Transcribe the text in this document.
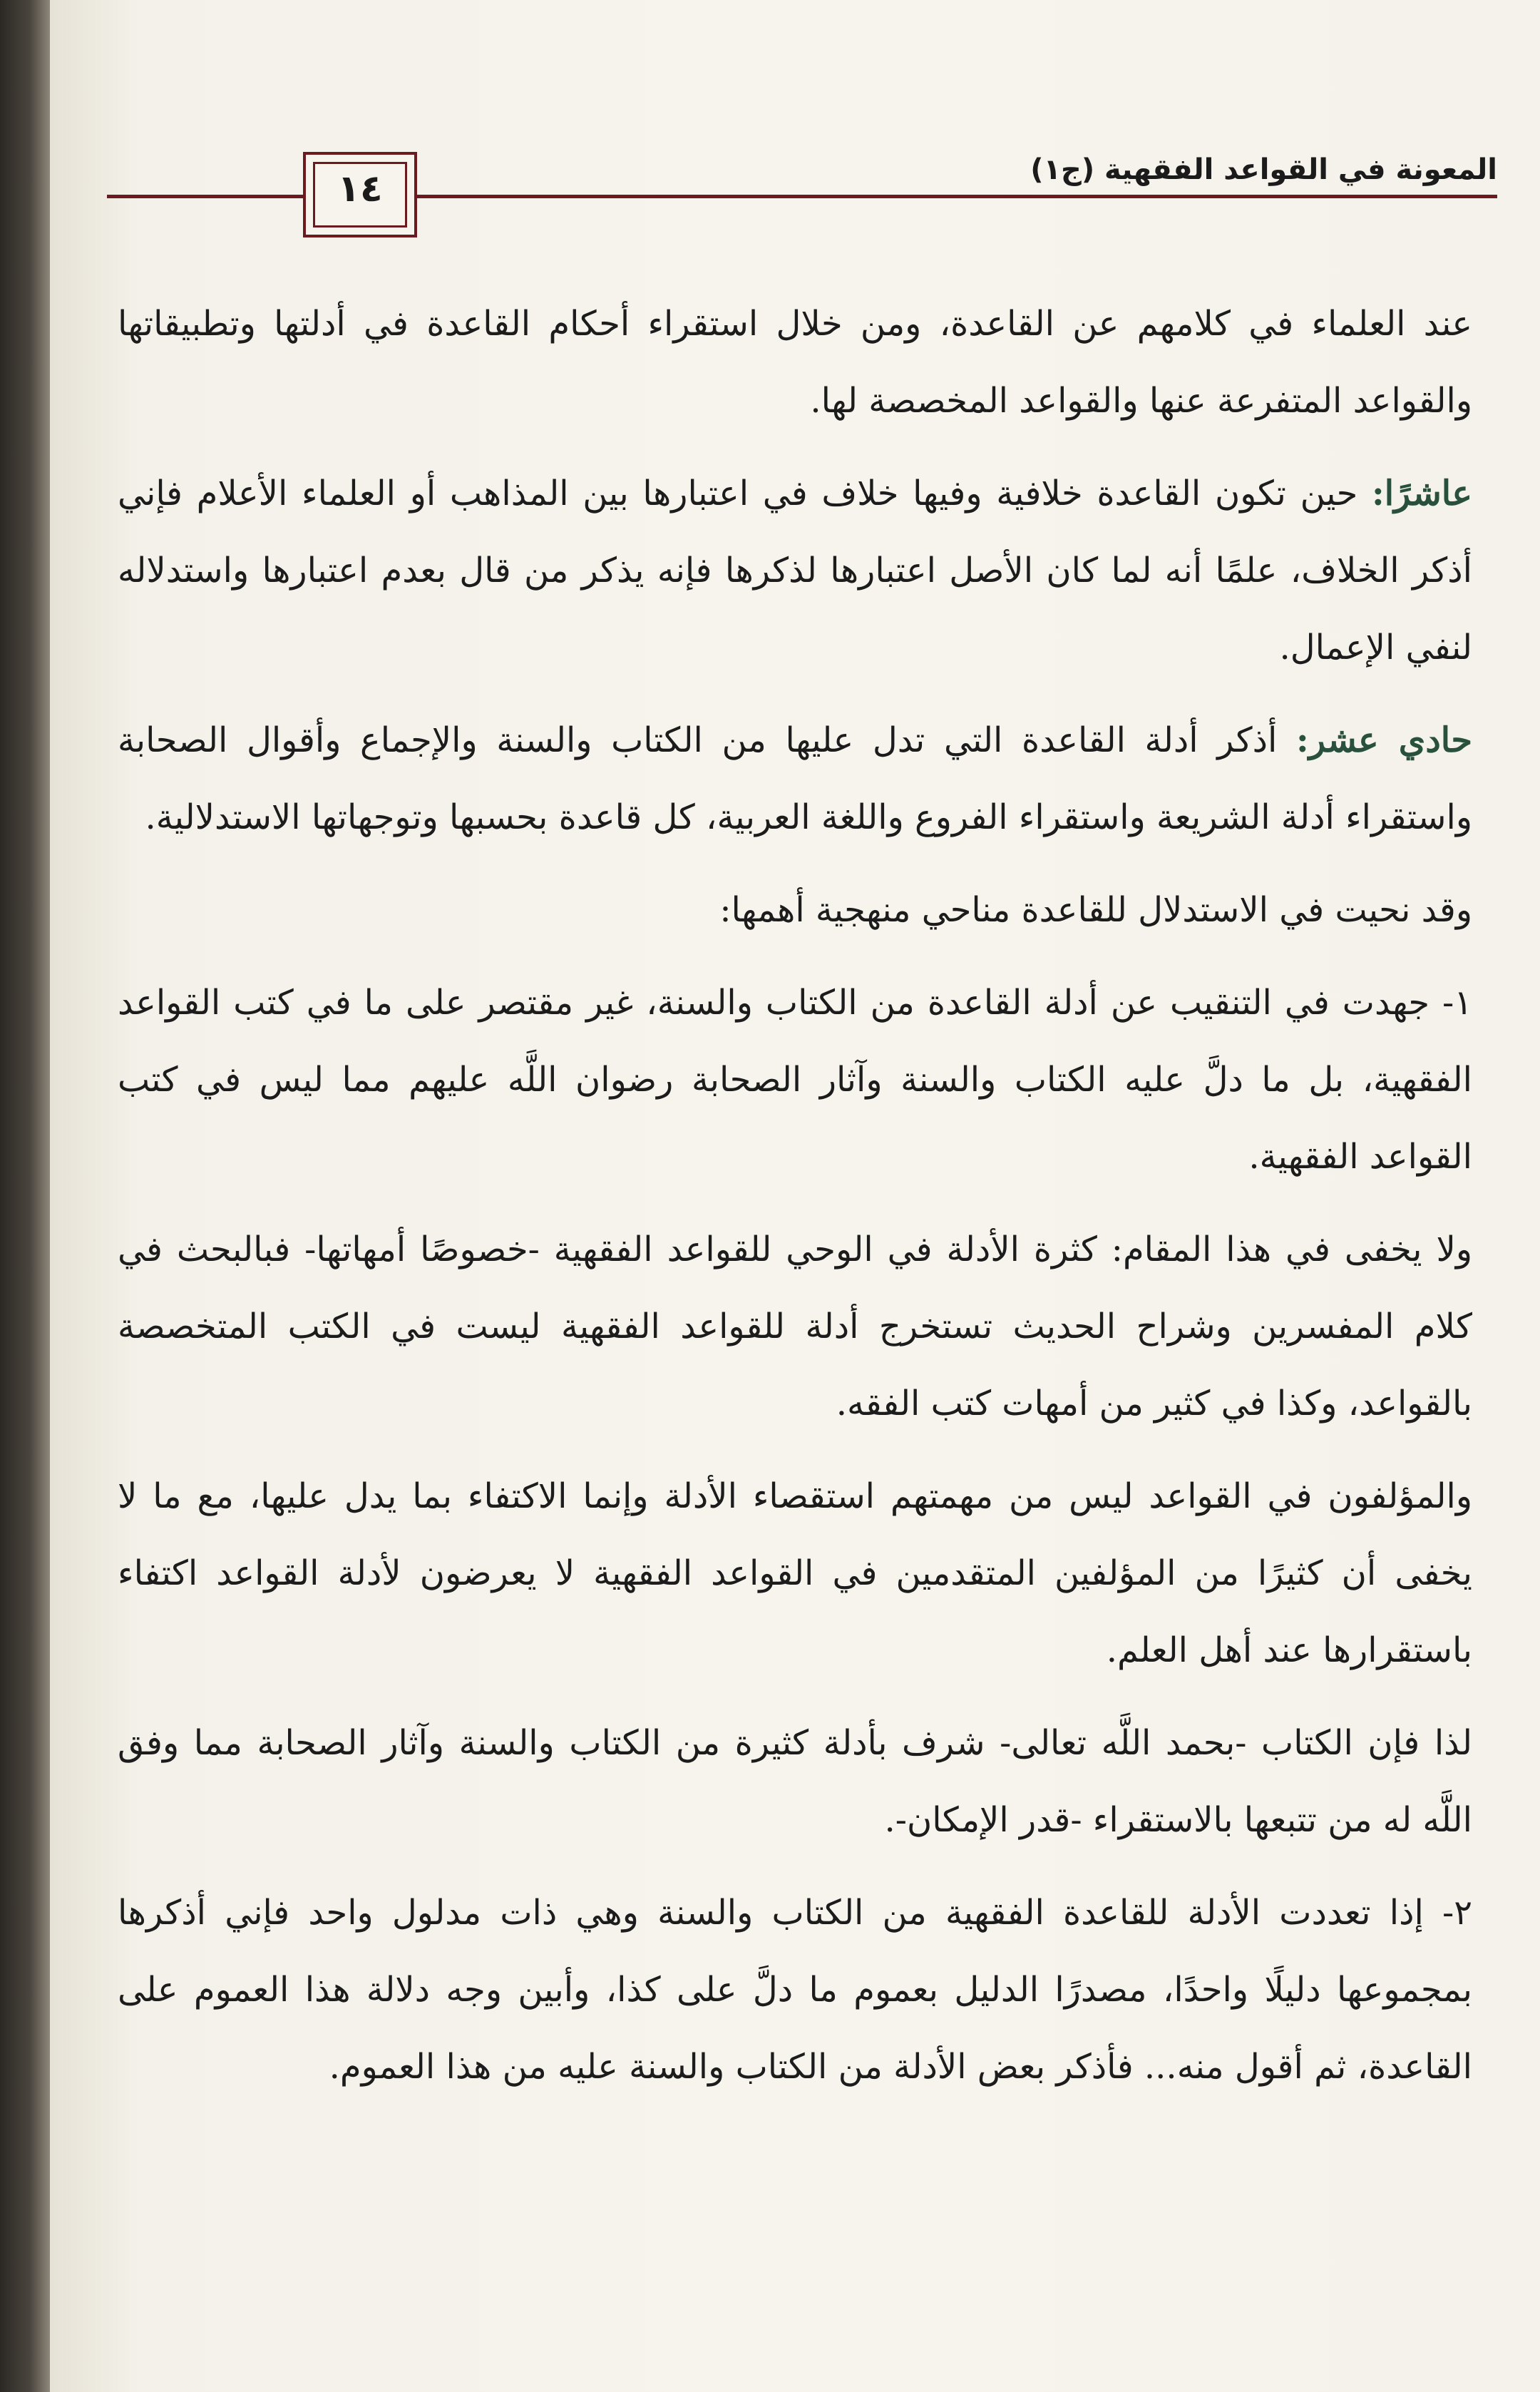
١٤	المعونة في القواعد الفقهية (ج١)

عند العلماء في كلامهم عن القاعدة، ومن خلال استقراء أحكام القاعدة في أدلتها وتطبيقاتها والقواعد المتفرعة عنها والقواعد المخصصة لها.

عاشرًا: حين تكون القاعدة خلافية وفيها خلاف في اعتبارها بين المذاهب أو العلماء الأعلام فإني أذكر الخلاف، علمًا أنه لما كان الأصل اعتبارها لذكرها فإنه يذكر من قال بعدم اعتبارها واستدلاله لنفي الإعمال.

حادي عشر: أذكر أدلة القاعدة التي تدل عليها من الكتاب والسنة والإجماع وأقوال الصحابة واستقراء أدلة الشريعة واستقراء الفروع واللغة العربية، كل قاعدة بحسبها وتوجهاتها الاستدلالية.

وقد نحيت في الاستدلال للقاعدة مناحي منهجية أهمها:

١- جهدت في التنقيب عن أدلة القاعدة من الكتاب والسنة، غير مقتصر على ما في كتب القواعد الفقهية، بل ما دلَّ عليه الكتاب والسنة وآثار الصحابة رضوان اللَّه عليهم مما ليس في كتب القواعد الفقهية.

ولا يخفى في هذا المقام: كثرة الأدلة في الوحي للقواعد الفقهية -خصوصًا أمهاتها- فبالبحث في كلام المفسرين وشراح الحديث تستخرج أدلة للقواعد الفقهية ليست في الكتب المتخصصة بالقواعد، وكذا في كثير من أمهات كتب الفقه.

والمؤلفون في القواعد ليس من مهمتهم استقصاء الأدلة وإنما الاكتفاء بما يدل عليها، مع ما لا يخفى أن كثيرًا من المؤلفين المتقدمين في القواعد الفقهية لا يعرضون لأدلة القواعد اكتفاء باستقرارها عند أهل العلم.

لذا فإن الكتاب -بحمد اللَّه تعالى- شرف بأدلة كثيرة من الكتاب والسنة وآثار الصحابة مما وفق اللَّه له من تتبعها بالاستقراء -قدر الإمكان-.

٢- إذا تعددت الأدلة للقاعدة الفقهية من الكتاب والسنة وهي ذات مدلول واحد فإني أذكرها بمجموعها دليلًا واحدًا، مصدرًا الدليل بعموم ما دلَّ على كذا، وأبين وجه دلالة هذا العموم على القاعدة، ثم أقول منه... فأذكر بعض الأدلة من الكتاب والسنة عليه من هذا العموم.
